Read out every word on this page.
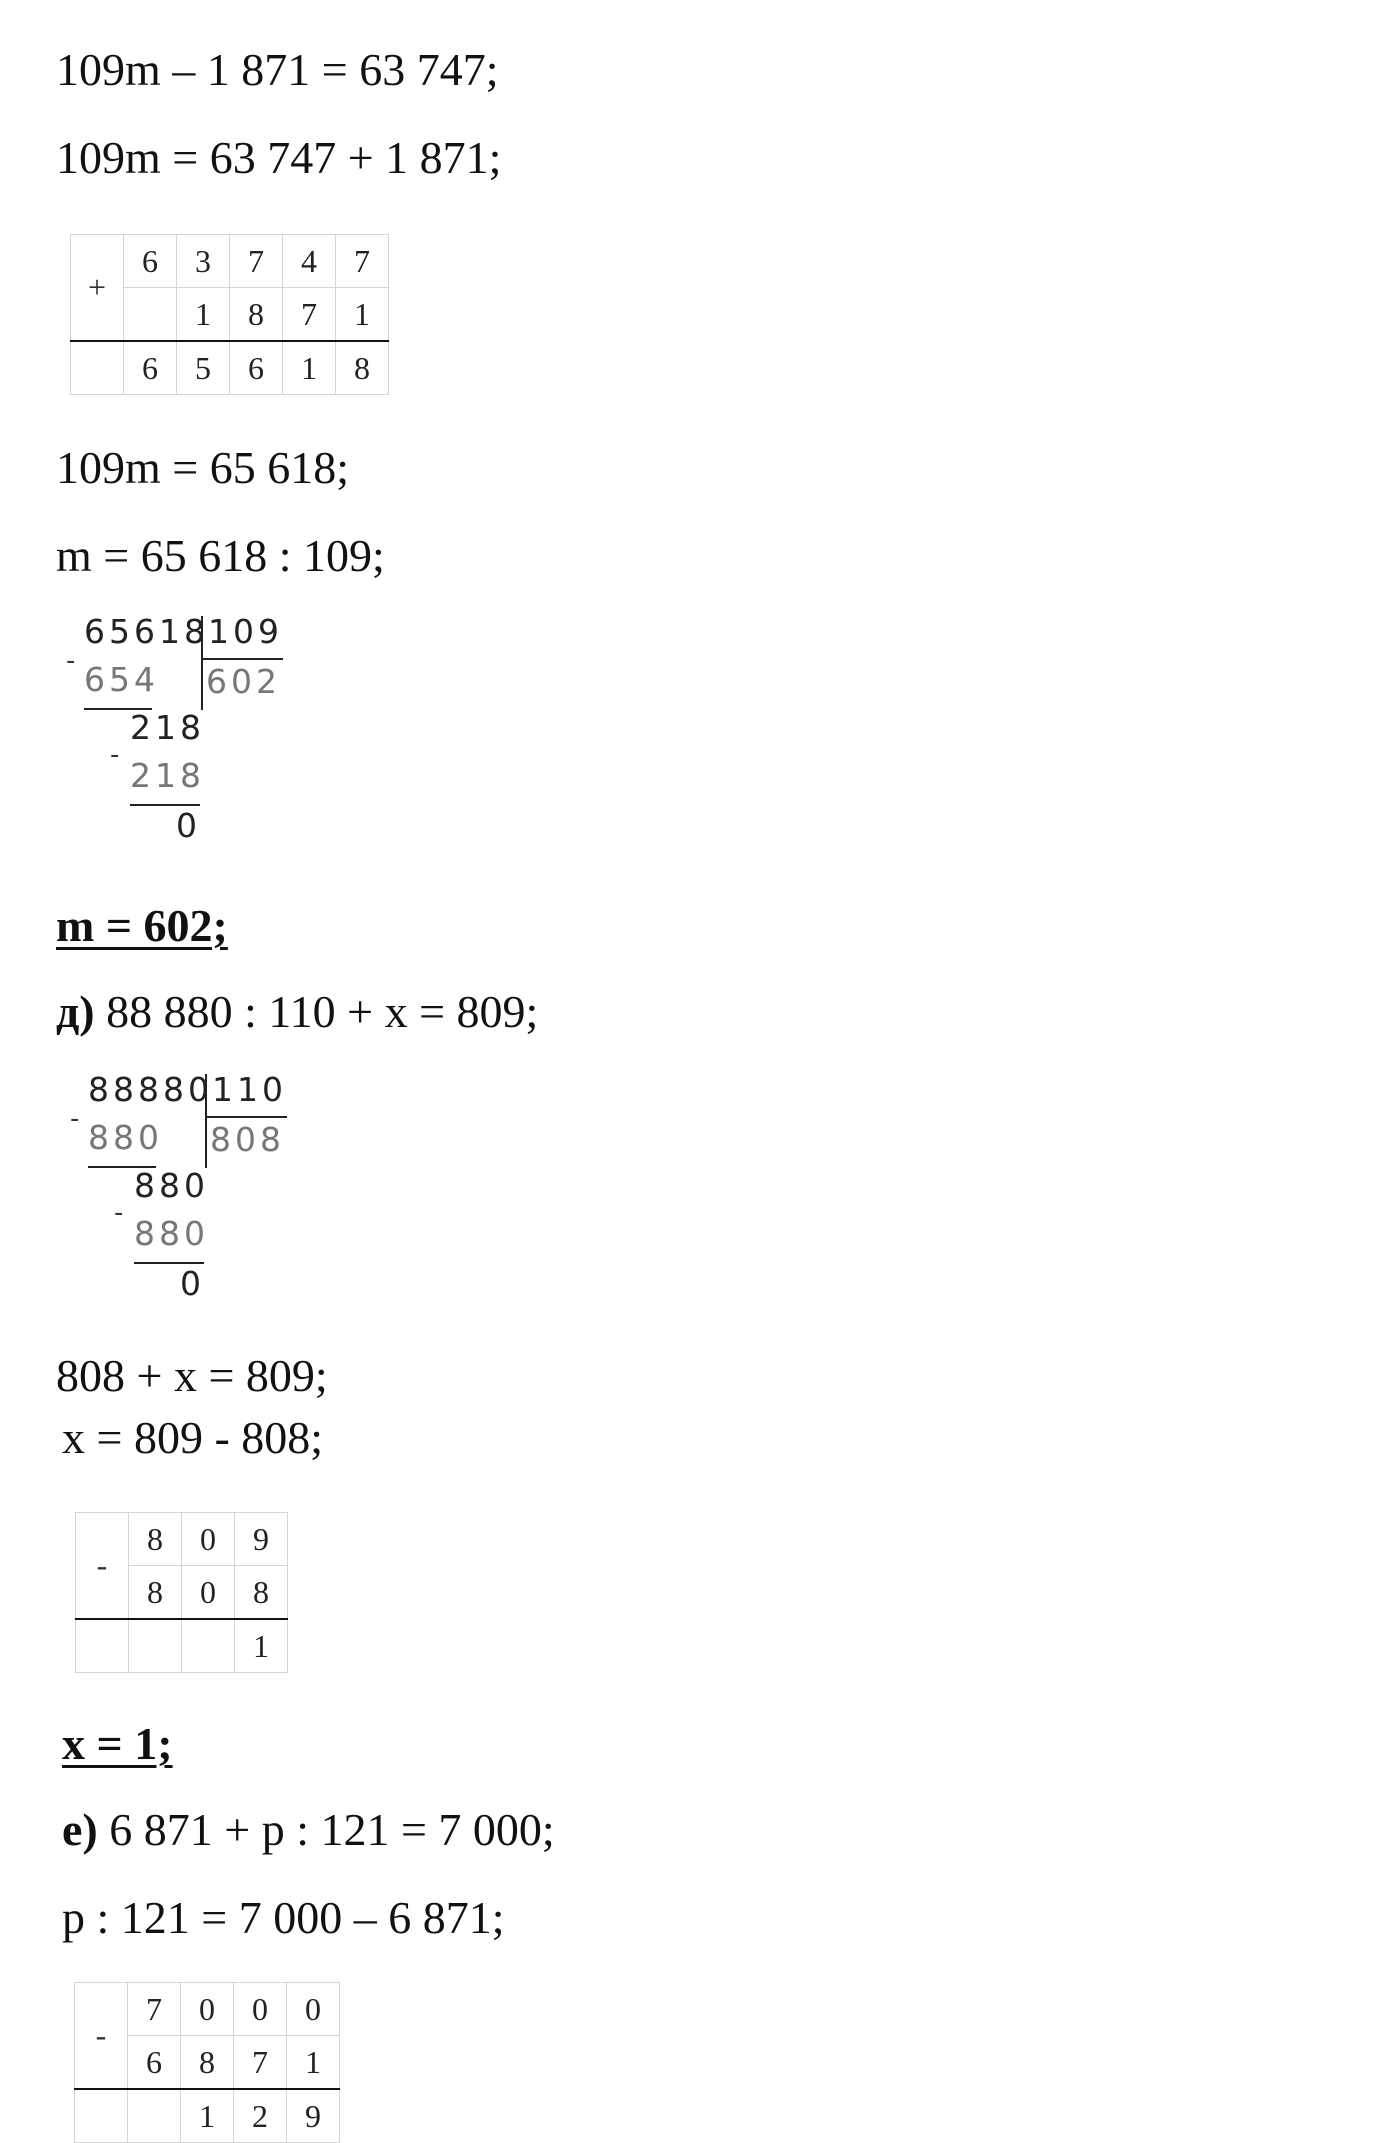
109m – 1 871 = 63 747;
109m = 63 747 + 1 871;
+	6	3	7	4	7
		1	8	7	1
	6	5	6	1	8
109m = 65 618;
m = 65 618 : 109;
65618 109
602
- 654
218
-
218
0
m = 602;
д) 88 880 : 110 + x = 809;
88880 110
808
- 880
880
-
880
0
808 + x = 809;
x = 809 - 808;
-	8	0	9
	8	0	8
			1
x = 1;
е) 6 871 + p : 121 = 7 000;
p : 121 = 7 000 – 6 871;
-	7	0	0	0
	6	8	7	1
		1	2	9
